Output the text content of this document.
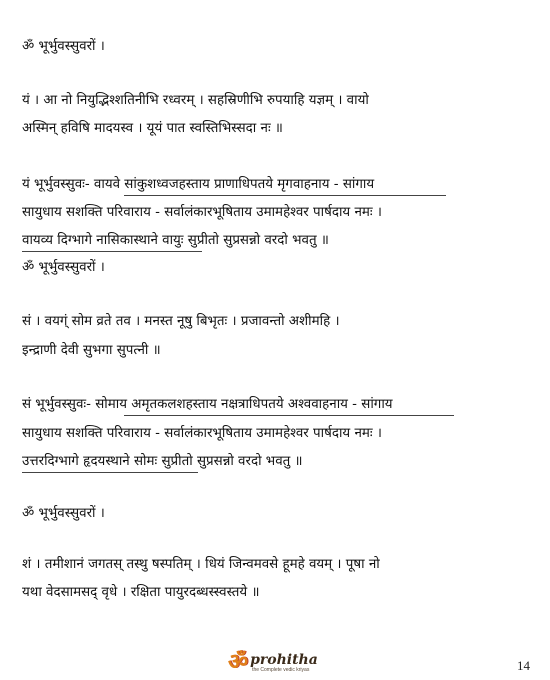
ॐ भूर्भुवस्सुवरों ।
यं । आ नो नियुद्भिश्शतिनीभि रध्वरम् । सहस्रिणीभि रुपयाहि यज्ञम् । वायो
अस्मिन् हविषि मादयस्व । यूयं पात स्वस्तिभिस्सदा नः ॥
यं भूर्भुवस्सुवः- वायवे सांकुशध्वजहस्ताय प्राणाधिपतये मृगवाहनाय - सांगाय
सायुधाय सशक्ति परिवाराय - सर्वालंकारभूषिताय उमामहेश्वर पार्षदाय नमः ।
वायव्य दिग्भागे नासिकास्थाने वायुः सुप्रीतो सुप्रसन्नो वरदो भवतु ॥
ॐ भूर्भुवस्सुवरों ।
सं । वयग्ं सोम व्रते तव । मनस्त नूषु बिभृतः । प्रजावन्तो अशीमहि ।
इन्द्राणी देवी सुभगा सुपत्नी ॥
सं भूर्भुवस्सुवः- सोमाय अमृतकलशहस्ताय नक्षत्राधिपतये अश्ववाहनाय - सांगाय
सायुधाय सशक्ति परिवाराय - सर्वालंकारभूषिताय उमामहेश्वर पार्षदाय नमः ।
उत्तरदिग्भागे हृदयस्थाने सोमः सुप्रीतो सुप्रसन्नो वरदो भवतु ॥
ॐ भूर्भुवस्सुवरों ।
शं । तमीशानं जगतस् तस्थु षस्पतिम् । धियं जिन्वमवसे हूमहे वयम् । पूषा नो
यथा वेदसामसद् वृधे । रक्षिता पायुरदब्धस्स्वस्तये ॥
ॐ prohitha
the Complete vedic kriyas	14
